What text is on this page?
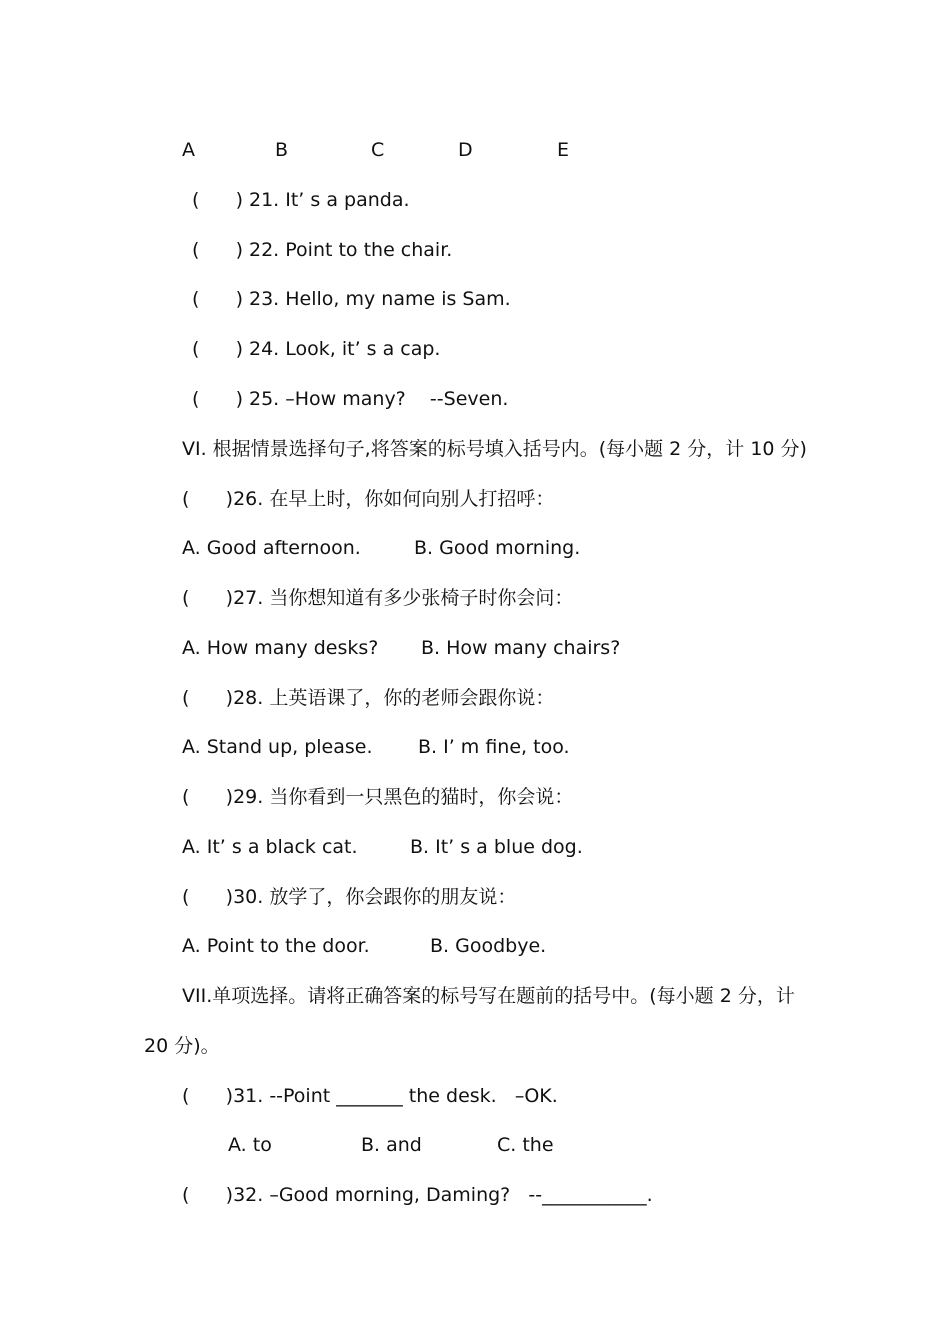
A	B	C	D	E
(      ) 21. It’ s a panda.
(      ) 22. Point to the chair.
(      ) 23. Hello, my name is Sam.
(      ) 24. Look, it’ s a cap.
(      ) 25. –How many?    --Seven.
VI. 根据情景选择句子,将答案的标号填入括号内。(每小题 2 分，计 10 分)
(      )26. 在早上时，你如何向别人打招呼：
A. Good afternoon.	B. Good morning.
(      )27. 当你想知道有多少张椅子时你会问：
A. How many desks? B. How many chairs?
(      )28. 上英语课了，你的老师会跟你说：
A. Stand up, please. B. I’ m fine, too.
(      )29. 当你看到一只黑色的猫时，你会说：
A. It’ s a black cat.	B. It’ s a blue dog.
(      )30. 放学了，你会跟你的朋友说：
A. Point to the door.	B. Goodbye.
VII.单项选择。请将正确答案的标号写在题前的括号中。(每小题 2 分，计
20 分)。
(      )31. --Point _______ the desk.   –OK.
A. to	B. and	C. the
(      )32. –Good morning, Daming?   --___________.
